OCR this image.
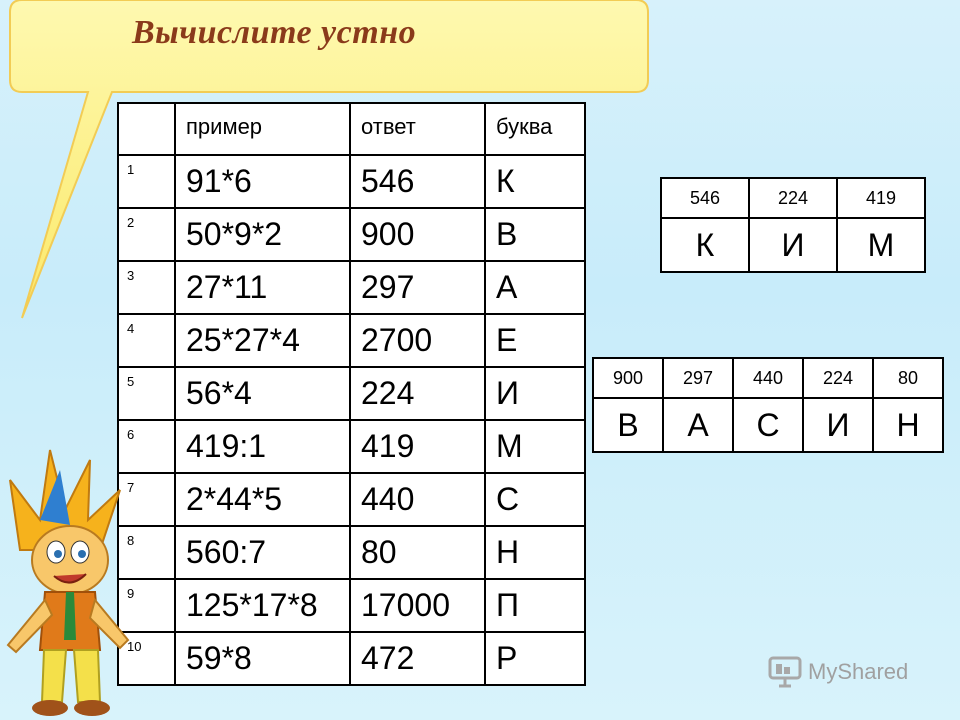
Вычислите устно
	пример	ответ	буква
1	91*6	546	К
2	50*9*2	900	В
3	27*11	297	А
4	25*27*4	2700	Е
5	56*4	224	И
6	419:1	419	М
7	2*44*5	440	С
8	560:7	80	Н
9	125*17*8	17000	П
10	59*8	472	Р
546	224	419
К	И	М
900	297	440	224	80
В	А	С	И	Н
MyShared
